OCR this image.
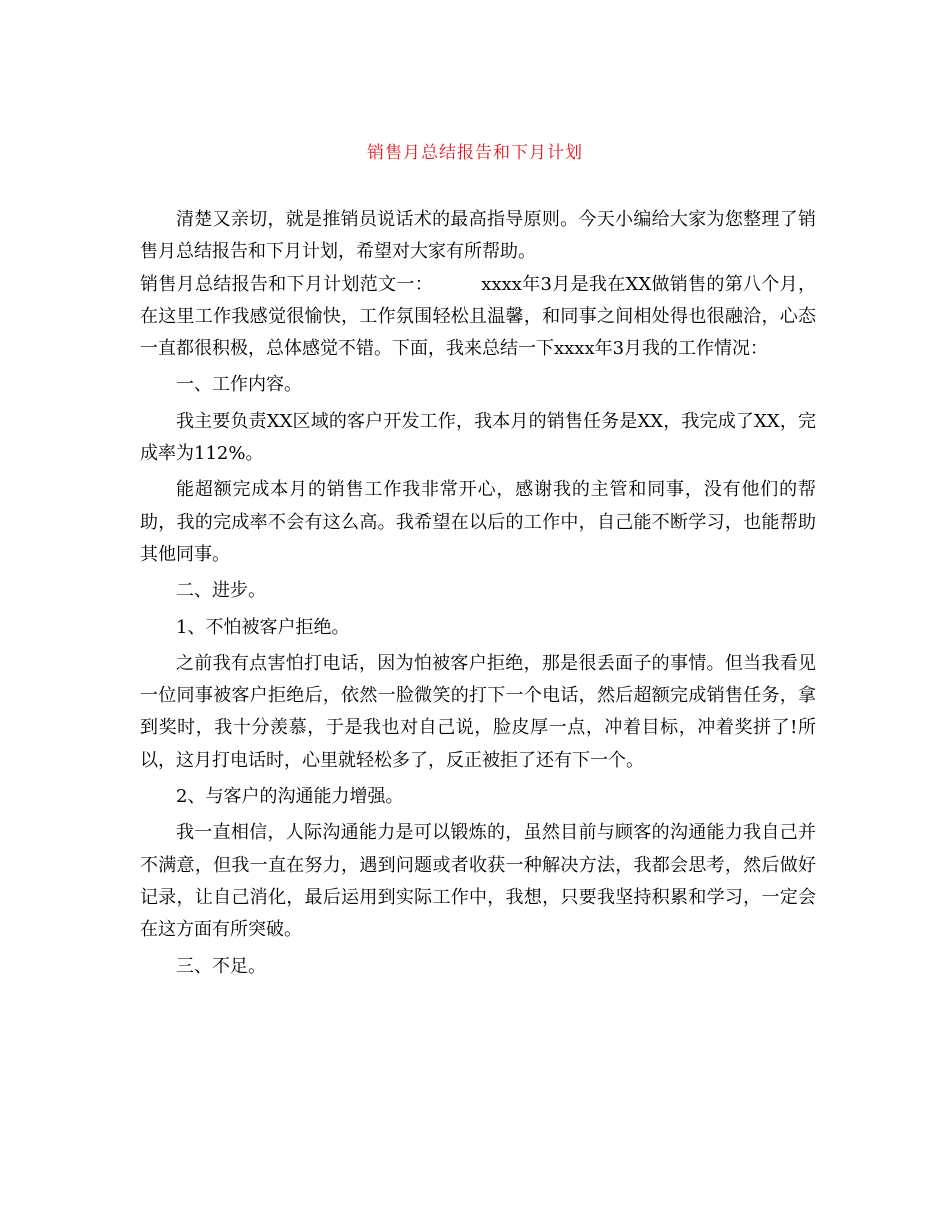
销售月总结报告和下月计划

清楚又亲切，就是推销员说话术的最高指导原则。今天小编给大家为您整理了销售月总结报告和下月计划，希望对大家有所帮助。

销售月总结报告和下月计划范文一：        xxxx年3月是我在XX做销售的第八个月，在这里工作我感觉很愉快，工作氛围轻松且温馨，和同事之间相处得也很融洽，心态一直都很积极，总体感觉不错。下面，我来总结一下xxxx年3月我的工作情况：

一、工作内容。

我主要负责XX区域的客户开发工作，我本月的销售任务是XX，我完成了XX，完成率为112%。

能超额完成本月的销售工作我非常开心，感谢我的主管和同事，没有他们的帮助，我的完成率不会有这么高。我希望在以后的工作中，自己能不断学习，也能帮助其他同事。

二、进步。

1、不怕被客户拒绝。

之前我有点害怕打电话，因为怕被客户拒绝，那是很丢面子的事情。但当我看见一位同事被客户拒绝后，依然一脸微笑的打下一个电话，然后超额完成销售任务，拿到奖时，我十分羡慕，于是我也对自己说，脸皮厚一点，冲着目标，冲着奖拼了!所以，这月打电话时，心里就轻松多了，反正被拒了还有下一个。

2、与客户的沟通能力增强。

我一直相信，人际沟通能力是可以锻炼的，虽然目前与顾客的沟通能力我自己并不满意，但我一直在努力，遇到问题或者收获一种解决方法，我都会思考，然后做好记录，让自己消化，最后运用到实际工作中，我想，只要我坚持积累和学习，一定会在这方面有所突破。

三、不足。
